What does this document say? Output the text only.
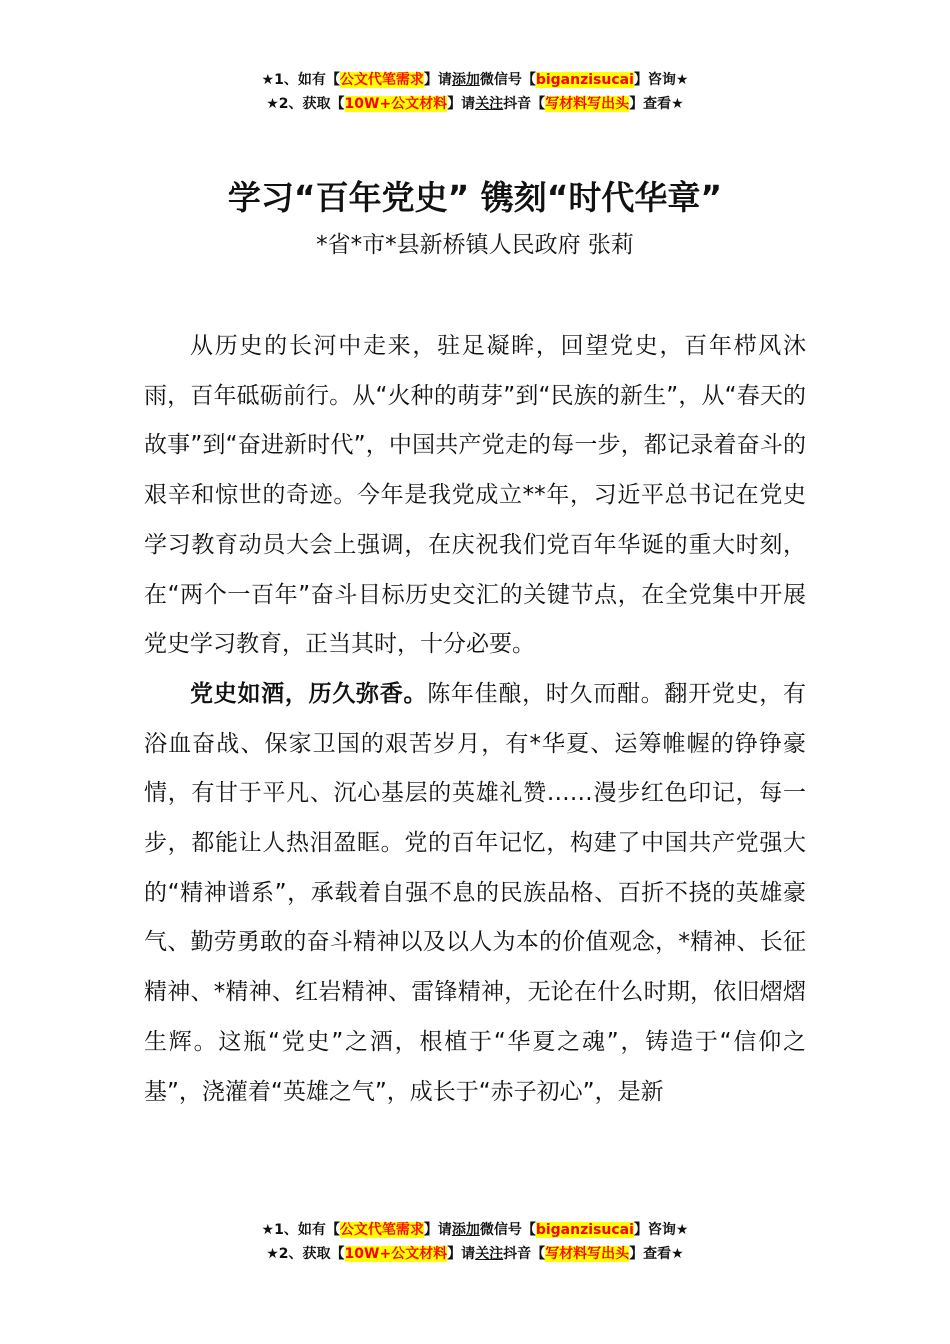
★1、如有【公文代笔需求】请添加微信号【biganzisucai】咨询★
★2、获取【10W+公文材料】请关注抖音【写材料写出头】查看★
学习“百年党史” 镌刻“时代华章”
*省*市*县新桥镇人民政府 张莉

从历史的长河中走来，驻足凝眸，回望党史，百年栉风沐雨，百年砥砺前行。从“火种的萌芽”到“民族的新生”，从“春天的故事”到“奋进新时代”，中国共产党走的每一步，都记录着奋斗的艰辛和惊世的奇迹。今年是我党成立**年，习近平总书记在党史学习教育动员大会上强调，在庆祝我们党百年华诞的重大时刻，在“两个一百年”奋斗目标历史交汇的关键节点，在全党集中开展党史学习教育，正当其时，十分必要。

党史如酒，历久弥香。陈年佳酿，时久而酣。翻开党史，有浴血奋战、保家卫国的艰苦岁月，有*华夏、运筹帷幄的铮铮豪情，有甘于平凡、沉心基层的英雄礼赞……漫步红色印记，每一步，都能让人热泪盈眶。党的百年记忆，构建了中国共产党强大的“精神谱系”，承载着自强不息的民族品格、百折不挠的英雄豪气、勤劳勇敢的奋斗精神以及以人为本的价值观念，*精神、长征精神、*精神、红岩精神、雷锋精神，无论在什么时期，依旧熠熠生辉。这瓶“党史”之酒，根植于“华夏之魂”，铸造于“信仰之基”，浇灌着“英雄之气”，成长于“赤子初心”，是新

★1、如有【公文代笔需求】请添加微信号【biganzisucai】咨询★
★2、获取【10W+公文材料】请关注抖音【写材料写出头】查看★
